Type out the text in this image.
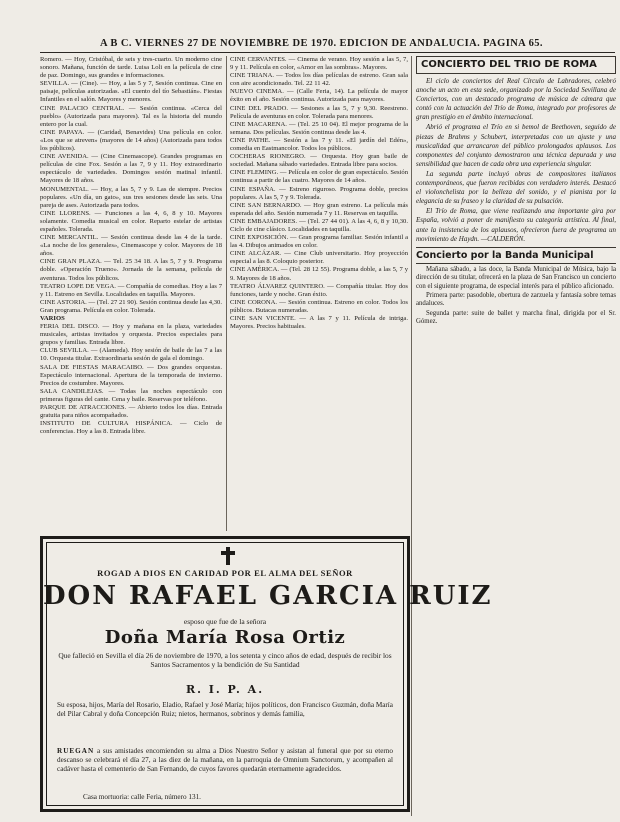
A B C. VIERNES 27 DE NOVIEMBRE DE 1970. EDICION DE ANDALUCIA. PAGINA 65.

Romero. — Hoy, Cristóbal, de seis y tres-cuarto. Un moderno cine sonoro. Mañana, función de tarde. Luisa Loli en la película de cine de paz. Domingo, sus grandes e informaciones.

SEVILLA. — (Cine). — Hoy, a las 5 y 7, Sesión continua. Cine en paisaje, películas autorizadas. «El cuento del tío Sebastián». Fiestas Infantiles en el salón. Mayores y menores.

CINE PALACIO CENTRAL. — Sesión continua. «Cerca del pueblo» (Autorizada para mayores). Tal es la historia del mundo entero por la cual.

CINE PAPAYA. — (Caridad, Benavides) Una película en color. «Los que se atreven» (mayores de 14 años) (Autorizada para todos los públicos).

CINE AVENIDA. — (Cine Cinemascope). Grandes programas en películas de cine Fox. Sesión a las 7, 9 y 11. Hoy extraordinario espectáculo de variedades. Domingos sesión matinal infantil. Mayores de 18 años.

MONUMENTAL. — Hoy, a las 5, 7 y 9. Las de siempre. Precios populares. «Un día, un gato», sus tres sesiones desde las seis. Una pareja de ases. Autorizada para todos.

CINE LLORENS. — Funciones a las 4, 6, 8 y 10. Mayores solamente. Comedia musical en color. Reparto estelar de artistas españoles. Tolerada.

CINE MERCANTIL. — Sesión continua desde las 4 de la tarde. «La noche de los generales», Cinemascope y color. Mayores de 18 años.

CINE GRAN PLAZA. — Tel. 25 34 18. A las 5, 7 y 9. Programa doble. «Operación Trueno». Jornada de la semana, película de aventuras. Todos los públicos.

TEATRO LOPE DE VEGA. — Compañía de comedias. Hoy a las 7 y 11. Estreno en Sevilla. Localidades en taquilla. Mayores.

CINE ASTORIA. — (Tel. 27 21 90). Sesión continua desde las 4,30. Gran programa. Película en color. Tolerada.

VARIOS

FERIA DEL DISCO. — Hoy y mañana en la plaza, variedades musicales, artistas invitados y orquesta. Precios especiales para grupos y familias. Entrada libre.

CLUB SEVILLA. — (Alameda). Hoy sesión de baile de las 7 a las 10. Orquesta titular. Extraordinaria sesión de gala el domingo.

SALA DE FIESTAS MARACAIBO. — Dos grandes orquestas. Espectáculo internacional. Apertura de la temporada de invierno. Precios de costumbre. Mayores.

SALA CANDILEJAS. — Todas las noches espectáculo con primeras figuras del cante. Cena y baile. Reservas por teléfono.

PARQUE DE ATRACCIONES. — Abierto todos los días. Entrada gratuita para niños acompañados.

INSTITUTO DE CULTURA HISPÁNICA. — Ciclo de conferencias. Hoy a las 8. Entrada libre.

CINE CERVANTES. — Cinema de verano. Hoy sesión a las 5, 7, 9 y 11. Película en color, «Amor en las sombras». Mayores.

CINE TRIANA. — Todos los días películas de estreno. Gran sala con aire acondicionado. Tel. 22 11 42.

NUEVO CINEMA. — (Calle Feria, 14). La película de mayor éxito en el año. Sesión continua. Autorizada para mayores.

CINE DEL PRADO. — Sesiones a las 5, 7 y 9,30. Reestreno. Película de aventuras en color. Tolerada para menores.

CINE MACARENA. — (Tel. 25 10 04). El mejor programa de la semana. Dos películas. Sesión continua desde las 4.

CINE PATHE. — Sesión a las 7 y 11. «El jardín del Edén», comedia en Eastmancolor. Todos los públicos.

COCHERAS RIONEGRO. — Orquesta. Hoy gran baile de sociedad. Mañana sábado variedades. Entrada libre para socios.

CINE FLEMING. — Película en color de gran espectáculo. Sesión continua a partir de las cuatro. Mayores de 14 años.

CINE ESPAÑA. — Estreno riguroso. Programa doble, precios populares. A las 5, 7 y 9. Tolerada.

CINE SAN BERNARDO. — Hoy gran estreno. La película más esperada del año. Sesión numerada 7 y 11. Reservas en taquilla.

CINE EMBAJADORES. — (Tel. 27 44 01). A las 4, 6, 8 y 10,30. Ciclo de cine clásico. Localidades en taquilla.

CINE EXPOSICIÓN. — Gran programa familiar. Sesión infantil a las 4. Dibujos animados en color.

CINE ALCÁZAR. — Cine Club universitario. Hoy proyección especial a las 8. Coloquio posterior.

CINE AMÉRICA. — (Tel. 28 12 55). Programa doble, a las 5, 7 y 9. Mayores de 18 años.

TEATRO ÁLVAREZ QUINTERO. — Compañía titular. Hoy dos funciones, tarde y noche. Gran éxito.

CINE CORONA. — Sesión continua. Estreno en color. Todos los públicos. Butacas numeradas.

CINE SAN VICENTE. — A las 7 y 11. Película de intriga. Mayores. Precios habituales.

CONCIERTO DEL TRIO DE ROMA

El ciclo de conciertos del Real Círculo de Labradores, celebró anoche un acto en esta sede, organizado por la Sociedad Sevillana de Conciertos, con un destacado programa de música de cámara que contó con la actuación del Trío de Roma, integrado por profesores de gran prestigio en el ámbito internacional.

Abrió el programa el Trío en si bemol de Beethoven, seguido de piezas de Brahms y Schubert, interpretadas con un ajuste y una musicalidad que arrancaron del público prolongados aplausos. Los componentes del conjunto demostraron una técnica depurada y una sensibilidad que hacen de cada obra una experiencia singular.

La segunda parte incluyó obras de compositores italianos contemporáneos, que fueron recibidas con verdadero interés. Destacó el violonchelista por la belleza del sonido, y el pianista por la elegancia de su fraseo y la claridad de su pulsación.

El Trío de Roma, que viene realizando una importante gira por España, volvió a poner de manifiesto su categoría artística. Al final, ante la insistencia de los aplausos, ofrecieron fuera de programa un movimiento de Haydn. —CALDERÓN.

Concierto por la Banda Municipal

Mañana sábado, a las doce, la Banda Municipal de Música, bajo la dirección de su titular, ofrecerá en la plaza de San Francisco un concierto con el siguiente programa, de especial interés para el público aficionado.

Primera parte: pasodoble, obertura de zarzuela y fantasía sobre temas andaluces.

Segunda parte: suite de ballet y marcha final, dirigida por el Sr. Gómez.

ROGAD A DIOS EN CARIDAD POR EL ALMA DEL SEÑOR
DON RAFAEL GARCIA RUIZ
esposo que fue de la señora
Doña María Rosa Ortiz
Que falleció en Sevilla el día 26 de noviembre de 1970, a los setenta y cinco años de edad, después de recibir los Santos Sacramentos y la bendición de Su Santidad
R. I. P. A.
Su esposa, hijos, María del Rosario, Eladio, Rafael y José María; hijos políticos, don Francisco Guzmán, doña María del Pilar Cabral y doña Concepción Ruiz; nietos, hermanos, sobrinos y demás familia,
RUEGAN a sus amistades encomienden su alma a Dios Nuestro Señor y asistan al funeral que por su eterno descanso se celebrará el día 27, a las diez de la mañana, en la parroquia de Omnium Sanctorum, y acompañen al cadáver hasta el cementerio de San Fernando, de cuyos favores quedarán eternamente agradecidos.
Casa mortuoria: calle Feria, número 131.
